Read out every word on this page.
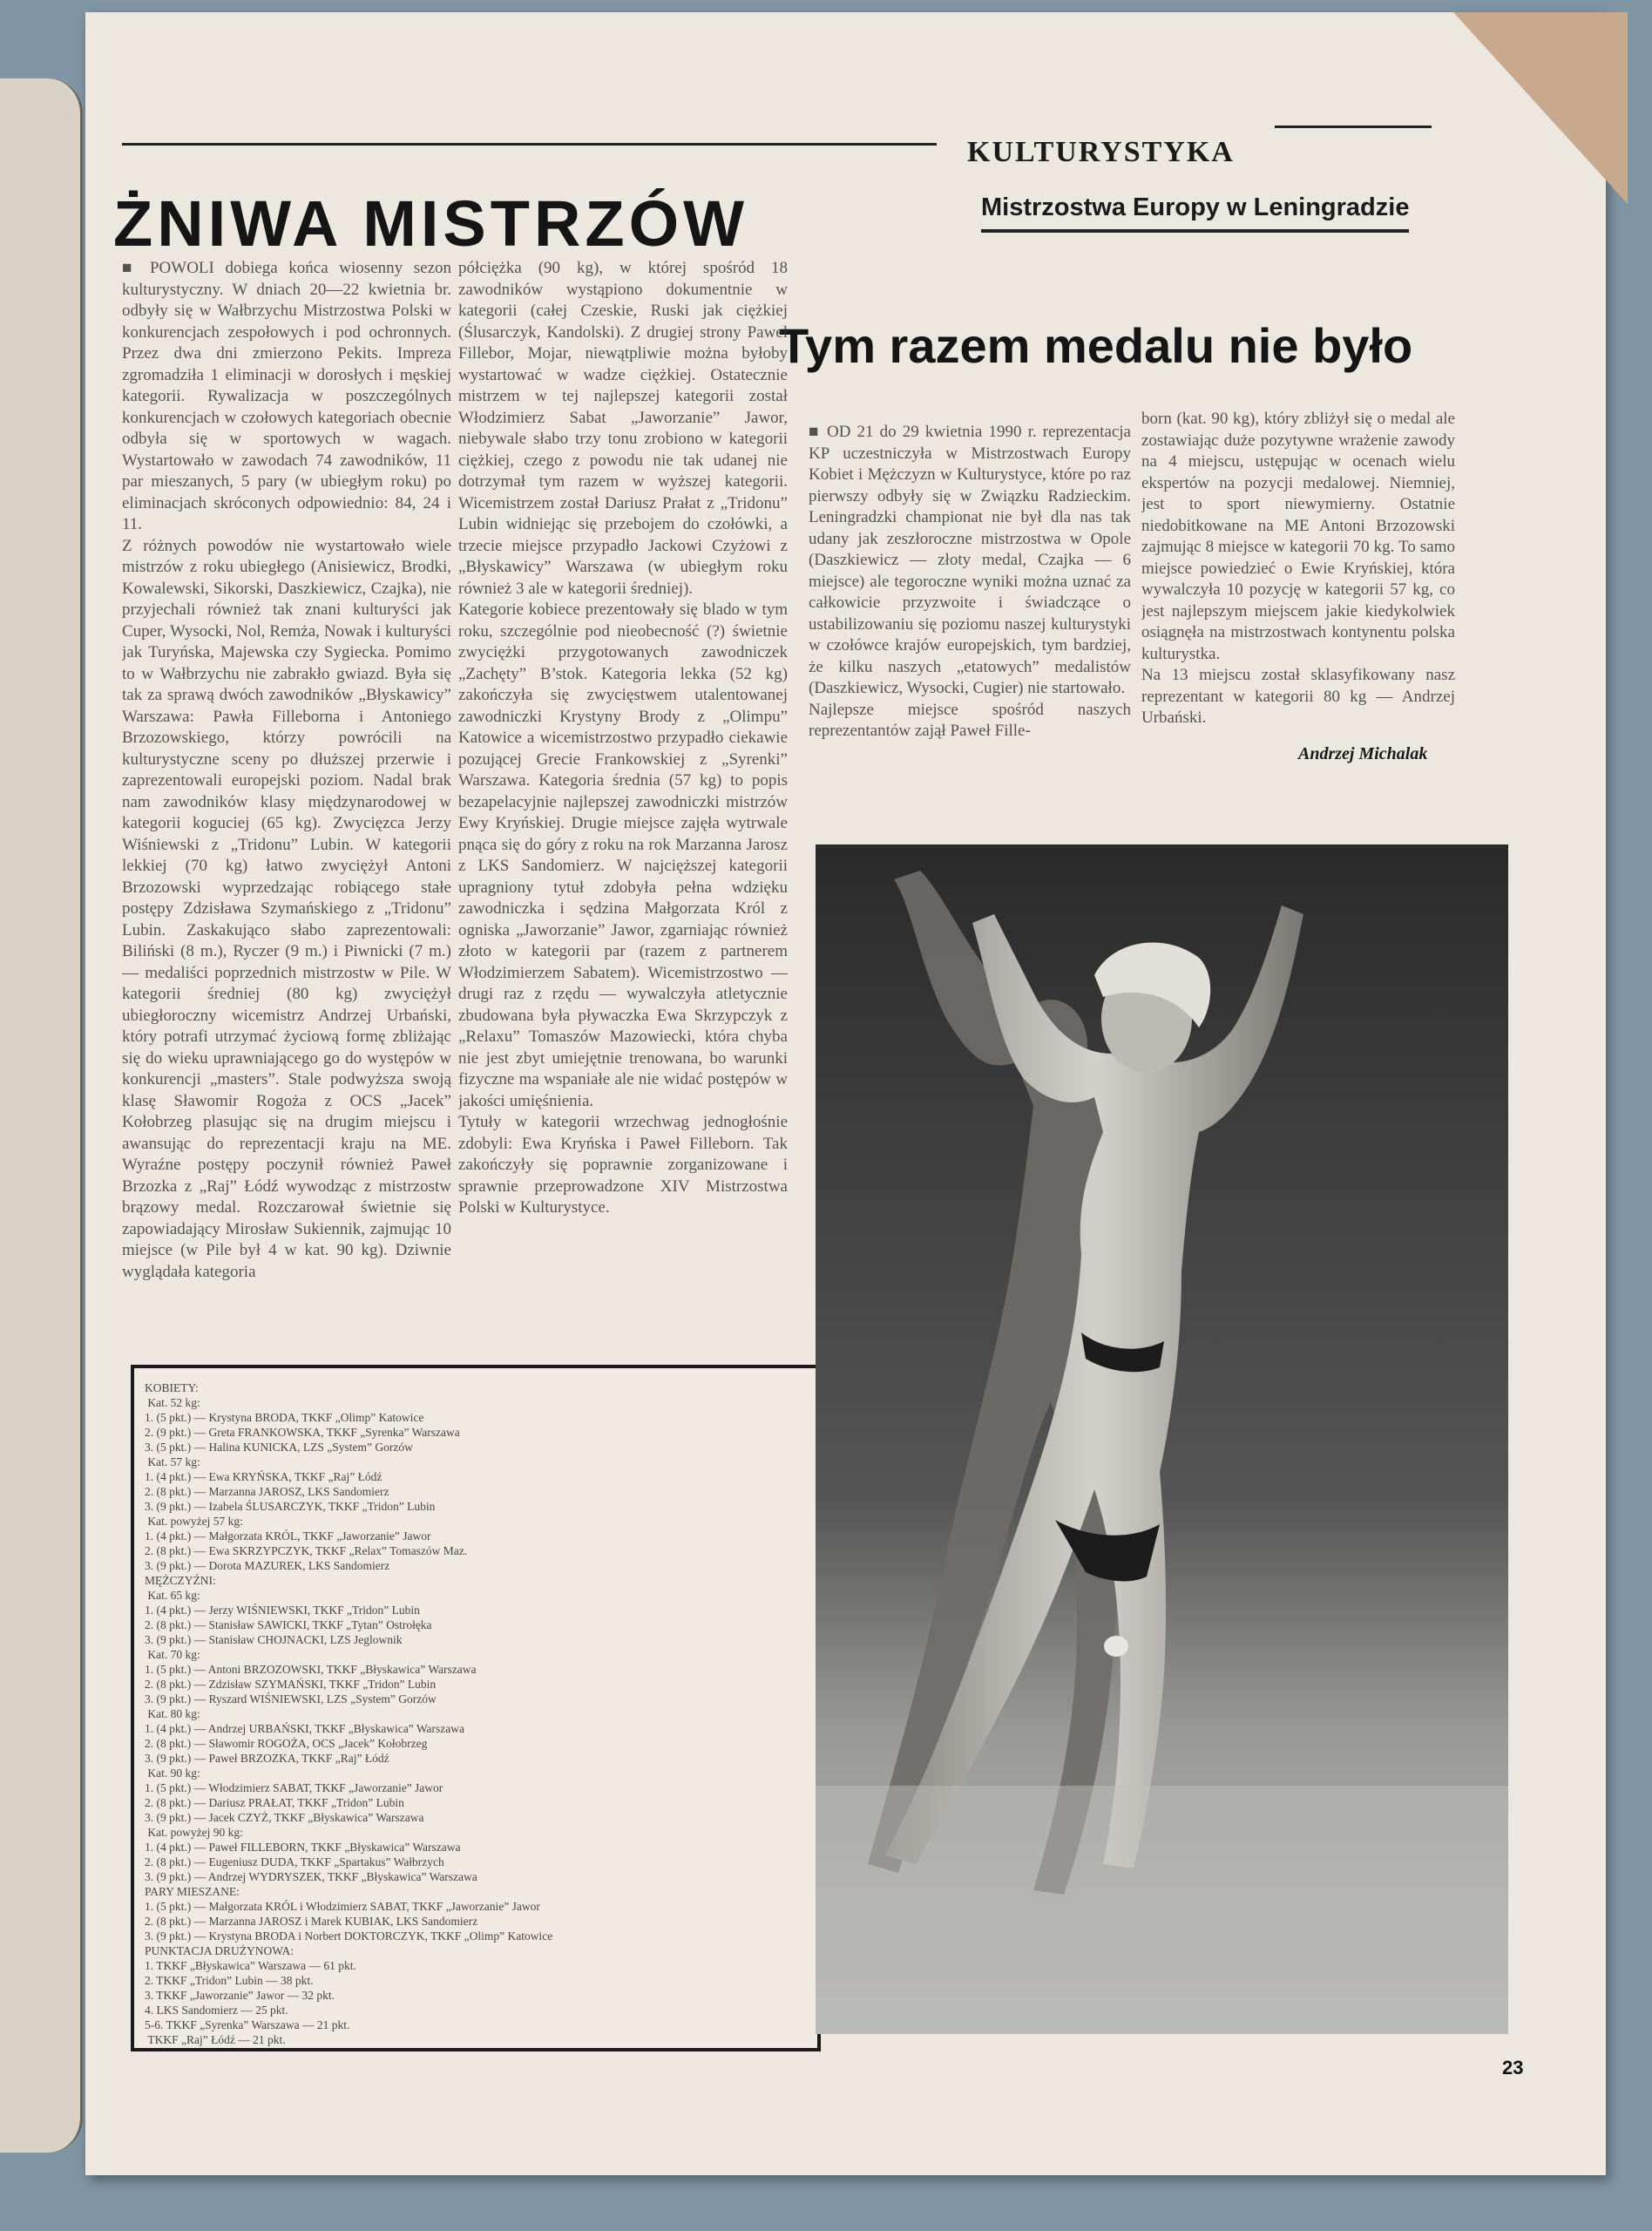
KULTURYSTYKA
Mistrzostwa Europy w Leningradzie
ŻNIWA MISTRZÓW
Tym razem medalu nie było
■ POWOLI dobiega końca wiosenny sezon kulturystyczny. W dniach 20—22 kwietnia br. odbyły się w Wałbrzychu Mistrzostwa Polski w konkurencjach zespołowych i pod ochronnych. Przez dwa dni zmierzono Pekits. Impreza zgromadziła 1 eliminacji w dorosłych i męskiej kategorii. Rywalizacja w poszczególnych konkurencjach w czołowych kategoriach obecnie odbyła się w sportowych w wagach. Wystartowało w zawodach 74 zawodników, 11 par mieszanych, 5 pary (w ubiegłym roku) po eliminacjach skróconych odpowiednio: 84, 24 i 11.
Z różnych powodów nie wystartowało wiele mistrzów z roku ubiegłego (Anisiewicz, Brodki, Kowalewski, Sikorski, Daszkiewicz, Czajka), nie przyjechali również tak znani kulturyści jak Cuper, Wysocki, Nol, Remża, Nowak i kulturyści jak Turyńska, Majewska czy Sygiecka. Pomimo to w Wałbrzychu nie zabrakło gwiazd. Była się tak za sprawą dwóch zawodników „Błyskawicy” Warszawa: Pawła Filleborna i Antoniego Brzozowskiego, którzy powrócili na kulturystyczne sceny po dłuższej przerwie i zaprezentowali europejski poziom. Nadal brak nam zawodników klasy międzynarodowej w kategorii koguciej (65 kg). Zwycięzca Jerzy Wiśniewski z „Tridonu” Lubin. W kategorii lekkiej (70 kg) łatwo zwyciężył Antoni Brzozowski wyprzedzając robiącego stałe postępy Zdzisława Szymańskiego z „Tridonu” Lubin. Zaskakująco słabo zaprezentowali: Biliński (8 m.), Ryczer (9 m.) i Piwnicki (7 m.) — medaliści poprzednich mistrzostw w Pile. W kategorii średniej (80 kg) zwyciężył ubiegłoroczny wicemistrz Andrzej Urbański, który potrafi utrzymać życiową formę zbliżając się do wieku uprawniającego go do występów w konkurencji „masters”. Stale podwyższa swoją klasę Sławomir Rogoża z OCS „Jacek” Kołobrzeg plasując się na drugim miejscu i awansując do reprezentacji kraju na ME. Wyraźne postępy poczynił również Paweł Brzozka z „Raj” Łódź wywodząc z mistrzostw brązowy medal. Rozczarował świetnie się zapowiadający Mirosław Sukiennik, zajmując 10 miejsce (w Pile był 4 w kat. 90 kg). Dziwnie wyglądała kategoria
półciężka (90 kg), w której spośród 18 zawodników wystąpiono dokumentnie w kategorii (całej Czeskie, Ruski jak ciężkiej (Ślusarczyk, Kandolski). Z drugiej strony Paweł Fillebor, Mojar, niewątpliwie można byłoby wystartować w wadze ciężkiej. Ostatecznie mistrzem w tej najlepszej kategorii został Włodzimierz Sabat „Jaworzanie” Jawor, niebywale słabo trzy tonu zrobiono w kategorii ciężkiej, czego z powodu nie tak udanej nie dotrzymał tym razem w wyższej kategorii. Wicemistrzem został Dariusz Prałat z „Tridonu” Lubin widniejąc się przebojem do czołówki, a trzecie miejsce przypadło Jackowi Czyżowi z „Błyskawicy” Warszawa (w ubiegłym roku również 3 ale w kategorii średniej).
Kategorie kobiece prezentowały się blado w tym roku, szczególnie pod nieobecność (?) świetnie zwyciężki przygotowanych zawodniczek „Zachęty” B’stok. Kategoria lekka (52 kg) zakończyła się zwycięstwem utalentowanej zawodniczki Krystyny Brody z „Olimpu” Katowice a wicemistrzostwo przypadło ciekawie pozującej Grecie Frankowskiej z „Syrenki” Warszawa. Kategoria średnia (57 kg) to popis bezapelacyjnie najlepszej zawodniczki mistrzów Ewy Kryńskiej. Drugie miejsce zajęła wytrwale pnąca się do góry z roku na rok Marzanna Jarosz z LKS Sandomierz. W najcięższej kategorii upragniony tytuł zdobyła pełna wdzięku zawodniczka i sędzina Małgorzata Król z ogniska „Jaworzanie” Jawor, zgarniając również złoto w kategorii par (razem z partnerem Włodzimierzem Sabatem). Wicemistrzostwo — drugi raz z rzędu — wywalczyła atletycznie zbudowana była pływaczka Ewa Skrzypczyk z „Relaxu” Tomaszów Mazowiecki, która chyba nie jest zbyt umiejętnie trenowana, bo warunki fizyczne ma wspaniałe ale nie widać postępów w jakości umięśnienia.
Tytuły w kategorii wrzechwag jednogłośnie zdobyli: Ewa Kryńska i Paweł Filleborn. Tak zakończyły się poprawnie zorganizowane i sprawnie przeprowadzone XIV Mistrzostwa Polski w Kulturystyce.
■ OD 21 do 29 kwietnia 1990 r. reprezentacja KP uczestniczyła w Mistrzostwach Europy Kobiet i Mężczyzn w Kulturystyce, które po raz pierwszy odbyły się w Związku Radzieckim. Leningradzki championat nie był dla nas tak udany jak zeszłoroczne mistrzostwa w Opole (Daszkiewicz — złoty medal, Czajka — 6 miejsce) ale tegoroczne wyniki można uznać za całkowicie przyzwoite i świadczące o ustabilizowaniu się poziomu naszej kulturystyki w czołówce krajów europejskich, tym bardziej, że kilku naszych „etatowych” medalistów (Daszkiewicz, Wysocki, Cugier) nie startowało.
Najlepsze miejsce spośród naszych reprezentantów zajął Paweł Fille-
born (kat. 90 kg), który zbliżył się o medal ale zostawiając duże pozytywne wrażenie zawody na 4 miejscu, ustępując w ocenach wielu ekspertów na pozycji medalowej. Niemniej, jest to sport niewymierny. Ostatnie niedobitkowane na ME Antoni Brzozowski zajmując 8 miejsce w kategorii 70 kg. To samo miejsce powiedzieć o Ewie Kryńskiej, która wywalczyła 10 pozycję w kategorii 57 kg, co jest najlepszym miejscem jakie kiedykolwiek osiągnęła na mistrzostwach kontynentu polska kulturystka.
Na 13 miejscu został sklasyfikowany nasz reprezentant w kategorii 80 kg — Andrzej Urbański.
Andrzej Michalak
KOBIETY:
Kat. 52 kg:
1. (5 pkt.) — Krystyna BRODA, TKKF „Olimp” Katowice
2. (9 pkt.) — Greta FRANKOWSKA, TKKF „Syrenka” Warszawa
3. (5 pkt.) — Halina KUNICKA, LZS „System” Gorzów
Kat. 57 kg:
1. (4 pkt.) — Ewa KRYŃSKA, TKKF „Raj” Łódź
2. (8 pkt.) — Marzanna JAROSZ, LKS Sandomierz
3. (9 pkt.) — Izabela ŚLUSARCZYK, TKKF „Tridon” Lubin
Kat. powyżej 57 kg:
1. (4 pkt.) — Małgorzata KRÓL, TKKF „Jaworzanie” Jawor
2. (8 pkt.) — Ewa SKRZYPCZYK, TKKF „Relax” Tomaszów Maz.
3. (9 pkt.) — Dorota MAZUREK, LKS Sandomierz
MĘŻCZYŹNI:
Kat. 65 kg:
1. (4 pkt.) — Jerzy WIŚNIEWSKI, TKKF „Tridon” Lubin
2. (8 pkt.) — Stanisław SAWICKI, TKKF „Tytan” Ostrołęka
3. (9 pkt.) — Stanisław CHOJNACKI, LZS Jeglownik
Kat. 70 kg:
1. (5 pkt.) — Antoni BRZOZOWSKI, TKKF „Błyskawica” Warszawa
2. (8 pkt.) — Zdzisław SZYMAŃSKI, TKKF „Tridon” Lubin
3. (9 pkt.) — Ryszard WIŚNIEWSKI, LZS „System” Gorzów
Kat. 80 kg:
1. (4 pkt.) — Andrzej URBAŃSKI, TKKF „Błyskawica” Warszawa
2. (8 pkt.) — Sławomir ROGOŻA, OCS „Jacek” Kołobrzeg
3. (9 pkt.) — Paweł BRZOZKA, TKKF „Raj” Łódź
Kat. 90 kg:
1. (5 pkt.) — Włodzimierz SABAT, TKKF „Jaworzanie” Jawor
2. (8 pkt.) — Dariusz PRAŁAT, TKKF „Tridon” Lubin
3. (9 pkt.) — Jacek CZYŻ, TKKF „Błyskawica” Warszawa
Kat. powyżej 90 kg:
1. (4 pkt.) — Paweł FILLEBORN, TKKF „Błyskawica” Warszawa
2. (8 pkt.) — Eugeniusz DUDA, TKKF „Spartakus” Wałbrzych
3. (9 pkt.) — Andrzej WYDRYSZEK, TKKF „Błyskawica” Warszawa
PARY MIESZANE:
1. (5 pkt.) — Małgorzata KRÓL i Włodzimierz SABAT, TKKF „Jaworzanie” Jawor
2. (8 pkt.) — Marzanna JAROSZ i Marek KUBIAK, LKS Sandomierz
3. (9 pkt.) — Krystyna BRODA i Norbert DOKTORCZYK, TKKF „Olimp” Katowice
PUNKTACJA DRUŻYNOWA:
1. TKKF „Błyskawica” Warszawa — 61 pkt.
2. TKKF „Tridon” Lubin — 38 pkt.
3. TKKF „Jaworzanie” Jawor — 32 pkt.
4. LKS Sandomierz — 25 pkt.
5-6. TKKF „Syrenka” Warszawa — 21 pkt.
TKKF „Raj” Łódź — 21 pkt.
23
